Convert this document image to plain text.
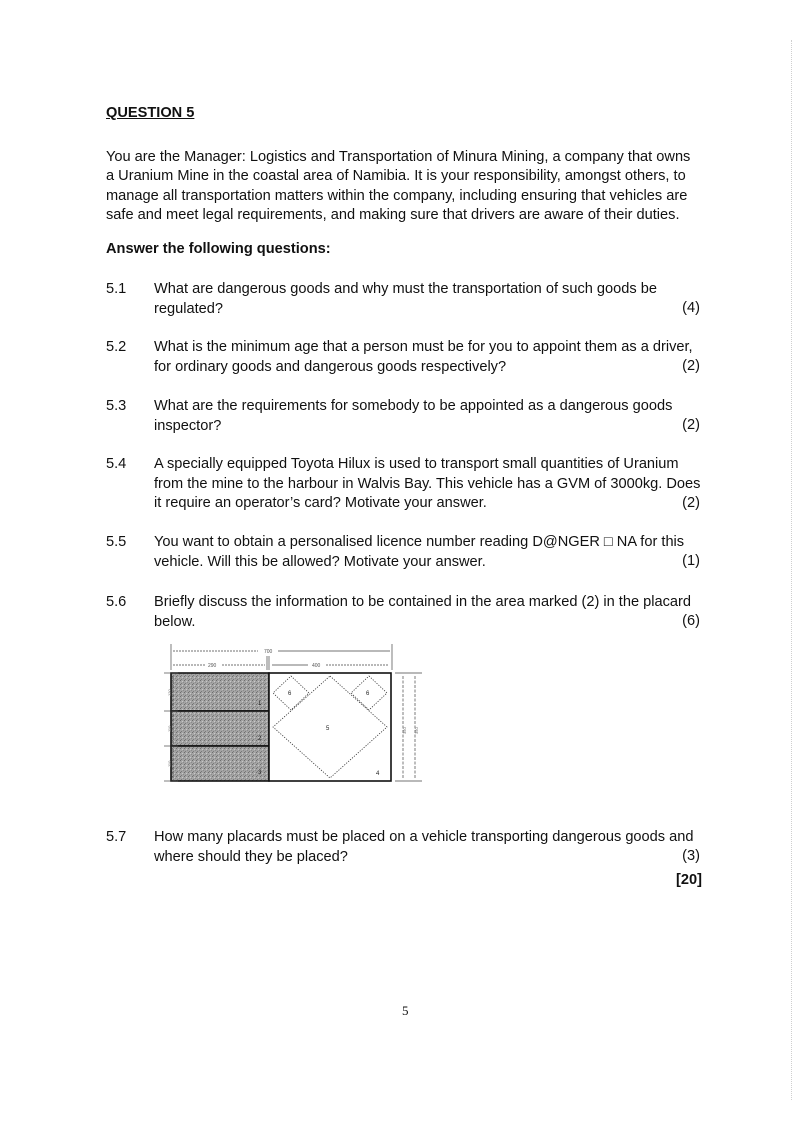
QUESTION 5
You are the Manager: Logistics and Transportation of Minura Mining, a company that owns
a Uranium Mine in the coastal area of Namibia. It is your responsibility, amongst others, to
manage all transportation matters within the company, including ensuring that vehicles are
safe and meet legal requirements, and making sure that drivers are aware of their duties.
Answer the following questions:
5.1 What are dangerous goods and why must the transportation of such goods be
regulated?	(4)
5.2 What is the minimum age that a person must be for you to appoint them as a driver,
for ordinary goods and dangerous goods respectively?	(2)
5.3 What are the requirements for somebody to be appointed as a dangerous goods
inspector?	(2)
5.4 A specially equipped Toyota Hilux is used to transport small quantities of Uranium
from the mine to the harbour in Walvis Bay. This vehicle has a GVM of 3000kg. Does
it require an operator’s card? Motivate your answer.	(2)
5.5 You want to obtain a personalised licence number reading D@NGER □ NA for this
vehicle. Will this be allowed? Motivate your answer.	(1)
5.6 Briefly discuss the information to be contained in the area marked (2) in the placard
below.	(6)
700
290	400
1
2
3	4
5
6	6
120
110
110
350 350
5.7 How many placards must be placed on a vehicle transporting dangerous goods and
where should they be placed?	(3)
[20]
5
